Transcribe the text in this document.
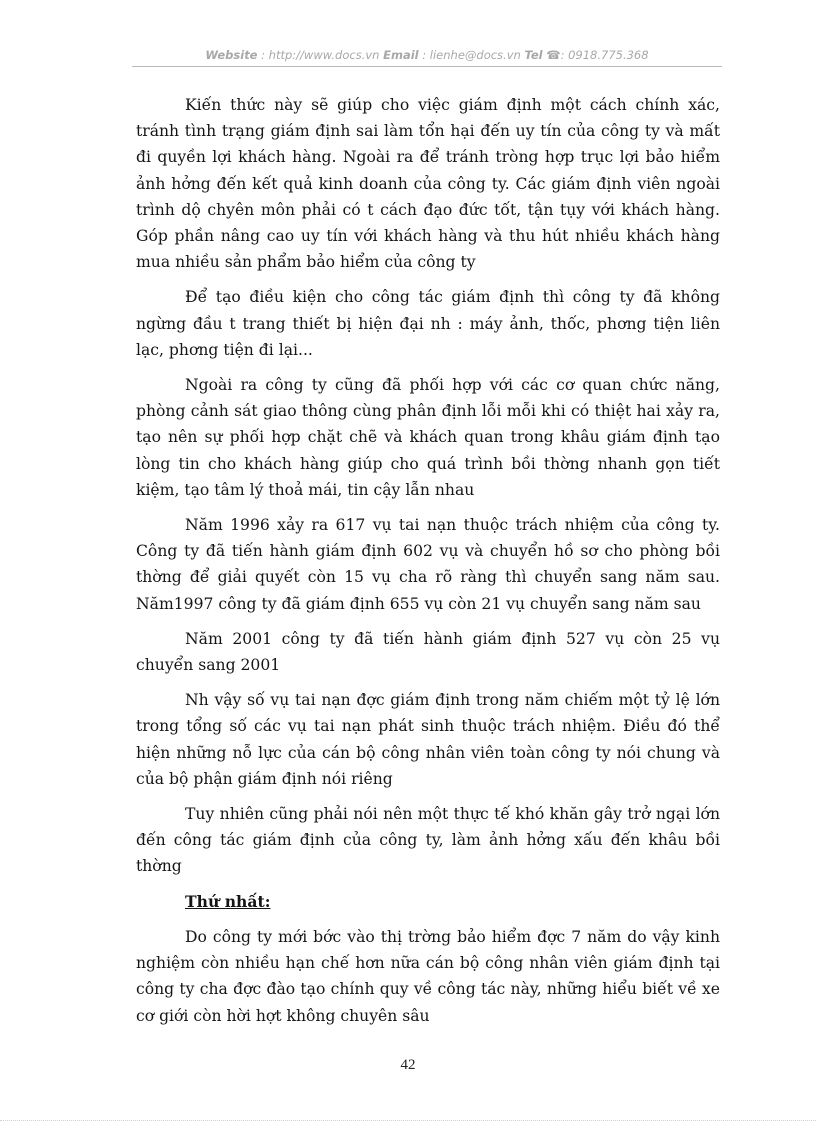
Website : http://www.docs.vn Email : lienhe@docs.vn Tel ☎: 0918.775.368

Kiến thức này sẽ giúp cho việc giám định một cách chính xác, tránh tình trạng giám định sai làm tổn hại đến uy tín của công ty và mất đi quyền lợi khách hàng. Ngoài ra để tránh tròng hợp trục lợi bảo hiểm ảnh hởng đến kết quả kinh doanh của công ty. Các giám định viên ngoài trình dộ chyên môn phải có t cách đạo đức tốt, tận tụy với khách hàng. Góp phần nâng cao uy tín với khách hàng và thu hút nhiều khách hàng mua nhiều sản phẩm bảo hiểm của công ty

Để tạo điều kiện cho công tác giám định thì công ty đã không ngừng đầu t trang thiết bị hiện đại nh : máy ảnh, thốc, phơng tiện liên lạc, phơng tiện đi lại...

Ngoài ra công ty cũng đã phối hợp với các cơ quan chức năng, phòng cảnh sát giao thông cùng phân định lỗi mỗi khi có thiệt hai xảy ra, tạo nên sự phối hợp chặt chẽ và khách quan trong khâu giám định tạo lòng tin cho khách hàng giúp cho quá trình bồi thờng nhanh gọn tiết kiệm, tạo tâm lý thoả mái, tin cậy lẫn nhau

Năm 1996 xảy ra 617 vụ tai nạn thuộc trách nhiệm của công ty. Công ty đã tiến hành giám định 602 vụ và chuyển hồ sơ cho phòng bồi thờng để giải quyết còn 15 vụ cha rõ ràng thì chuyển sang năm sau. Năm1997 công ty đã giám định 655 vụ còn 21 vụ chuyển sang năm sau

Năm 2001 công ty đã tiến hành giám định 527 vụ còn 25 vụ chuyển sang 2001

Nh vậy số vụ tai nạn đợc giám định trong năm chiếm một tỷ lệ lớn trong tổng số các vụ tai nạn phát sinh thuộc trách nhiệm. Điều đó thể hiện những nỗ lực của cán bộ công nhân viên toàn công ty nói chung và của bộ phận giám định nói riêng

Tuy nhiên cũng phải nói nên một thực tế khó khăn gây trở ngại lớn đến công tác giám định của công ty, làm ảnh hởng xấu đến khâu bồi thờng

Thứ nhất:

Do công ty mới bớc vào thị trờng bảo hiểm đợc 7 năm do vậy kinh nghiệm còn nhiều hạn chế hơn nữa cán bộ công nhân viên giám định tại công ty cha đợc đào tạo chính quy về công tác này, những hiểu biết về xe cơ giới còn hời hợt không chuyên sâu

42
